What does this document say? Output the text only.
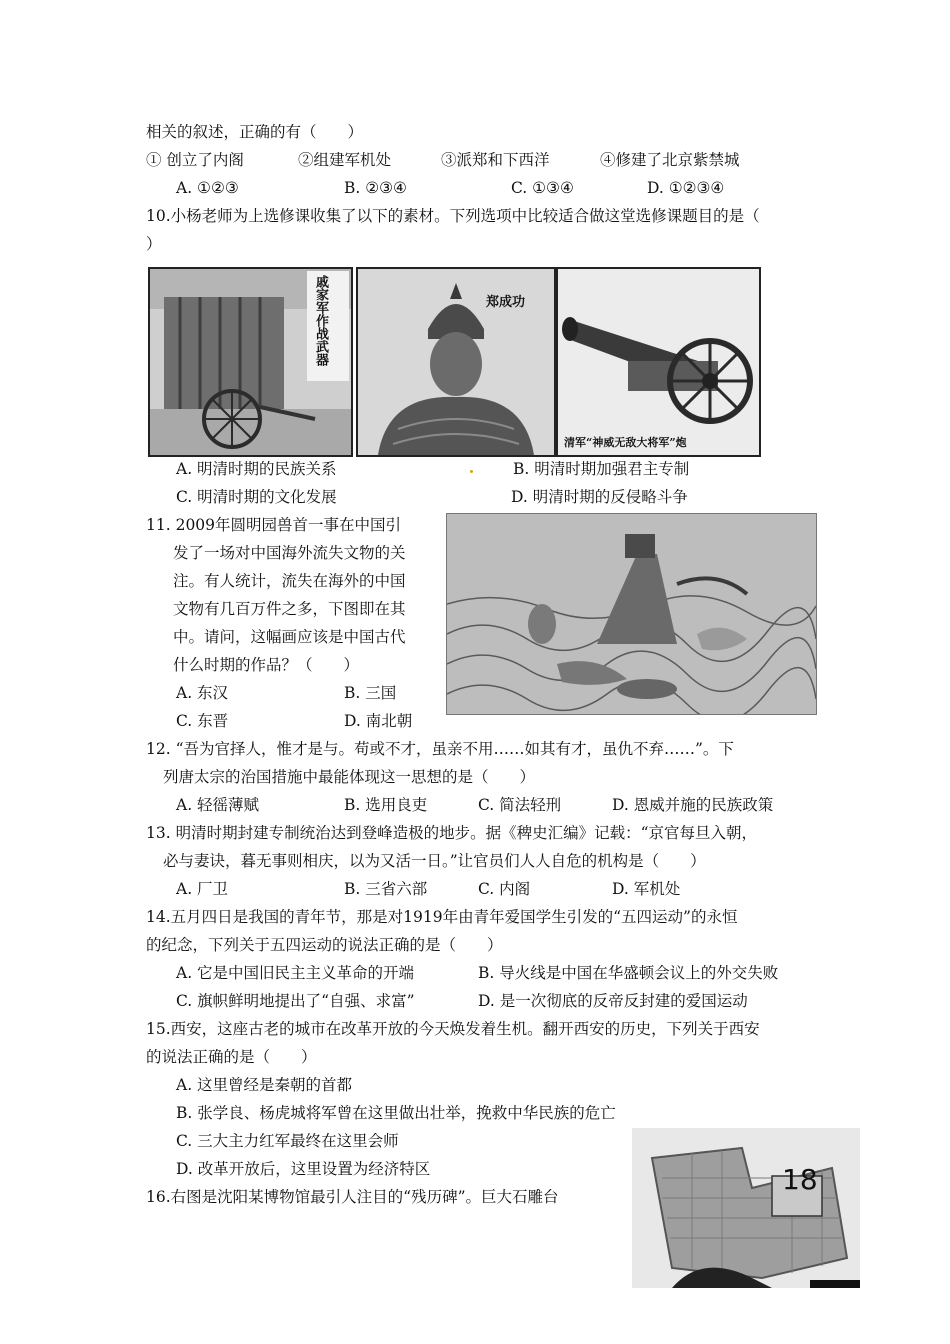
相关的叙述，正确的有（　　）
① 创立了内阁	②组建军机处	③派郑和下西洋	④修建了北京紫禁城
A. ①②③	B. ②③④	C. ①③④	D. ①②③④
10.小杨老师为上选修课收集了以下的素材。下列选项中比较适合做这堂选修课题目的是（
）
戚家军作战武器	郑成功
清军“神威无敌大将军”炮
A. 明清时期的民族关系	B. 明清时期加强君主专制
C. 明清时期的文化发展	D. 明清时期的反侵略斗争
11. 2009年圆明园兽首一事在中国引
发了一场对中国海外流失文物的关
注。有人统计，流失在海外的中国
文物有几百万件之多，下图即在其
中。请问，这幅画应该是中国古代
什么时期的作品？（　　）
A. 东汉	B. 三国
C. 东晋	D. 南北朝
12. “吾为官择人，惟才是与。苟或不才，虽亲不用……如其有才，虽仇不弃……”。下
列唐太宗的治国措施中最能体现这一思想的是（　　）
A. 轻徭薄赋	B. 选用良吏	C. 简法轻刑	D. 恩威并施的民族政策
13. 明清时期封建专制统治达到登峰造极的地步。据《稗史汇编》记载：“京官每旦入朝，
必与妻诀，暮无事则相庆，以为又活一日。”让官员们人人自危的机构是（　　）
A. 厂卫	B. 三省六部	C. 内阁	D. 军机处
14.五月四日是我国的青年节，那是对1919年由青年爱国学生引发的“五四运动”的永恒
的纪念，下列关于五四运动的说法正确的是（　　）
A. 它是中国旧民主主义革命的开端	B. 导火线是中国在华盛顿会议上的外交失败
C. 旗帜鲜明地提出了“自强、求富”	D. 是一次彻底的反帝反封建的爱国运动
15.西安，这座古老的城市在改革开放的今天焕发着生机。翻开西安的历史，下列关于西安
的说法正确的是（　　）
A. 这里曾经是秦朝的首都
B. 张学良、杨虎城将军曾在这里做出壮举，挽救中华民族的危亡
C. 三大主力红军最终在这里会师
D. 改革开放后，这里设置为经济特区
16.右图是沈阳某博物馆最引人注目的“残历碑”。巨大石雕台
18
